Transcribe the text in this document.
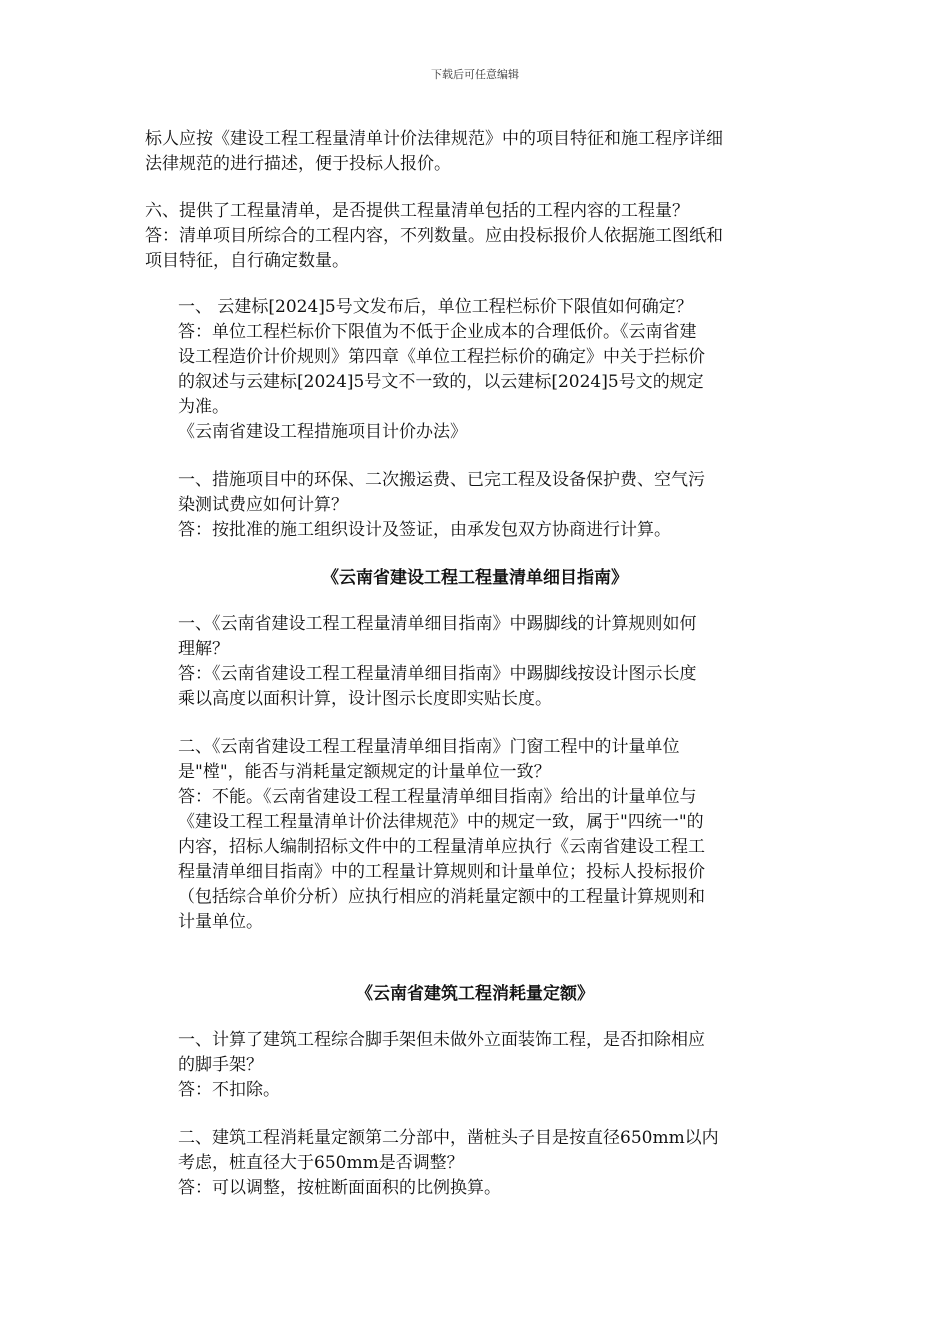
下载后可任意编辑
标人应按《建设工程工程量清单计价法律规范》中的项目特征和施工程序详细
法律规范的进行描述，便于投标人报价。
六、提供了工程量清单，是否提供工程量清单包括的工程内容的工程量？
答：清单项目所综合的工程内容，不列数量。应由投标报价人依据施工图纸和
项目特征，自行确定数量。
一、 云建标[2024]5号文发布后，单位工程栏标价下限值如何确定？
答：单位工程栏标价下限值为不低于企业成本的合理低价。《云南省建
设工程造价计价规则》第四章《单位工程拦标价的确定》中关于拦标价
的叙述与云建标[2024]5号文不一致的，以云建标[2024]5号文的规定
为准。
《云南省建设工程措施项目计价办法》
一、措施项目中的环保、二次搬运费、已完工程及设备保护费、空气污
染测试费应如何计算？
答：按批准的施工组织设计及签证，由承发包双方协商进行计算。
《云南省建设工程工程量清单细目指南》
一、《云南省建设工程工程量清单细目指南》中踢脚线的计算规则如何
理解？
答：《云南省建设工程工程量清单细目指南》中踢脚线按设计图示长度
乘以高度以面积计算，设计图示长度即实贴长度。
二、《云南省建设工程工程量清单细目指南》门窗工程中的计量单位
是"樘"，能否与消耗量定额规定的计量单位一致？
答：不能。《云南省建设工程工程量清单细目指南》给出的计量单位与
《建设工程工程量清单计价法律规范》中的规定一致，属于"四统一"的
内容，招标人编制招标文件中的工程量清单应执行《云南省建设工程工
程量清单细目指南》中的工程量计算规则和计量单位；投标人投标报价
（包括综合单价分析）应执行相应的消耗量定额中的工程量计算规则和
计量单位。
《云南省建筑工程消耗量定额》
一、计算了建筑工程综合脚手架但未做外立面装饰工程，是否扣除相应
的脚手架？
答：不扣除。
二、建筑工程消耗量定额第二分部中，凿桩头子目是按直径650mm以内
考虑，桩直径大于650mm是否调整？
答：可以调整，按桩断面面积的比例换算。
